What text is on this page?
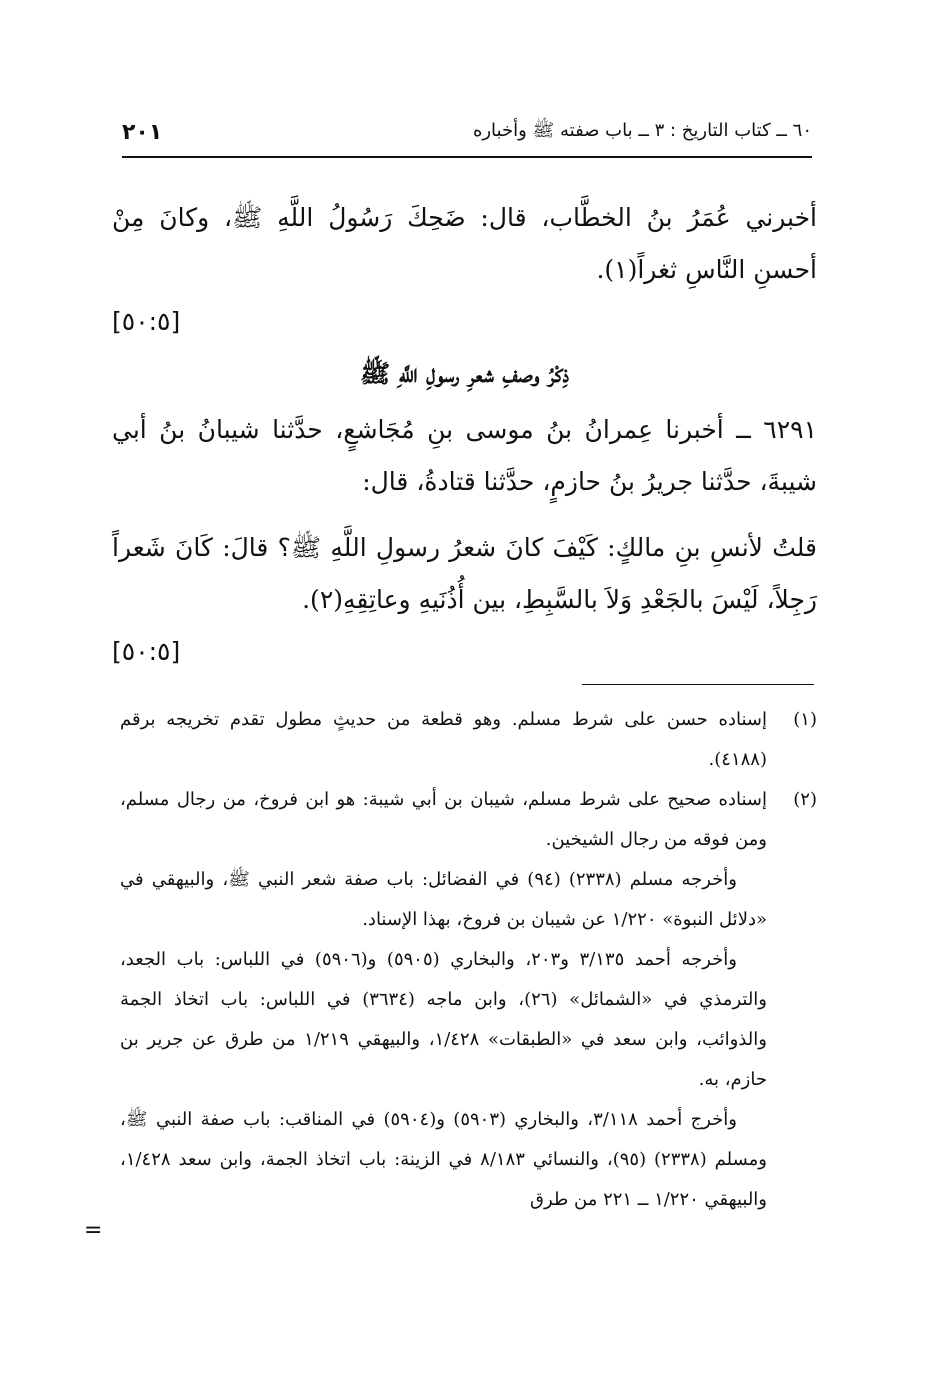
٢٠١	٦٠ ــ كتاب التاريخ : ٣ ــ باب صفته ﷺ وأخباره

أخبرني عُمَرُ بنُ الخطَّاب، قال: ضَحِكَ رَسُولُ اللَّهِ ﷺ، وكانَ مِنْ أحسنِ النَّاسِ ثغراً(١).

[٥٠:٥]

ذِكْرُ وصفِ شعرِ رسولِ اللَّهِ ﷺ

٦٢٩١ ــ أخبرنا عِمرانُ بنُ موسى بنِ مُجَاشعٍ، حدَّثنا شيبانُ بنُ أبي شيبةَ، حدَّثنا جريرُ بنُ حازمٍ، حدَّثنا قتادةُ، قال:

قلتُ لأنسِ بنِ مالكٍ: كَيْفَ كانَ شعرُ رسولِ اللَّهِ ﷺ؟ قالَ: كَانَ شَعراً رَجِلاً، لَيْسَ بالجَعْدِ وَلاَ بالسَّبِطِ، بين أُذُنَيهِ وعاتِقِهِ(٢).

[٥٠:٥]

(١)

إسناده حسن على شرط مسلم. وهو قطعة من حديثٍ مطول تقدم تخريجه برقم (٤١٨٨).

(٢)

إسناده صحيح على شرط مسلم، شيبان بن أبي شيبة: هو ابن فروخ، من رجال مسلم، ومن فوقه من رجال الشيخين.

وأخرجه مسلم (٢٣٣٨) (٩٤) في الفضائل: باب صفة شعر النبي ﷺ، والبيهقي في «دلائل النبوة» ١/٢٢٠ عن شيبان بن فروخ، بهذا الإسناد.

وأخرجه أحمد ٣/١٣٥ و٢٠٣، والبخاري (٥٩٠٥) و(٥٩٠٦) في اللباس: باب الجعد، والترمذي في «الشمائل» (٢٦)، وابن ماجه (٣٦٣٤) في اللباس: باب اتخاذ الجمة والذوائب، وابن سعد في «الطبقات» ١/٤٢٨، والبيهقي ١/٢١٩ من طرق عن جرير بن حازم، به.

وأخرج أحمد ٣/١١٨، والبخاري (٥٩٠٣) و(٥٩٠٤) في المناقب: باب صفة النبي ﷺ، ومسلم (٢٣٣٨) (٩٥)، والنسائي ٨/١٨٣ في الزينة: باب اتخاذ الجمة، وابن سعد ١/٤٢٨، والبيهقي ١/٢٢٠ ــ ٢٢١ من طرق

=
